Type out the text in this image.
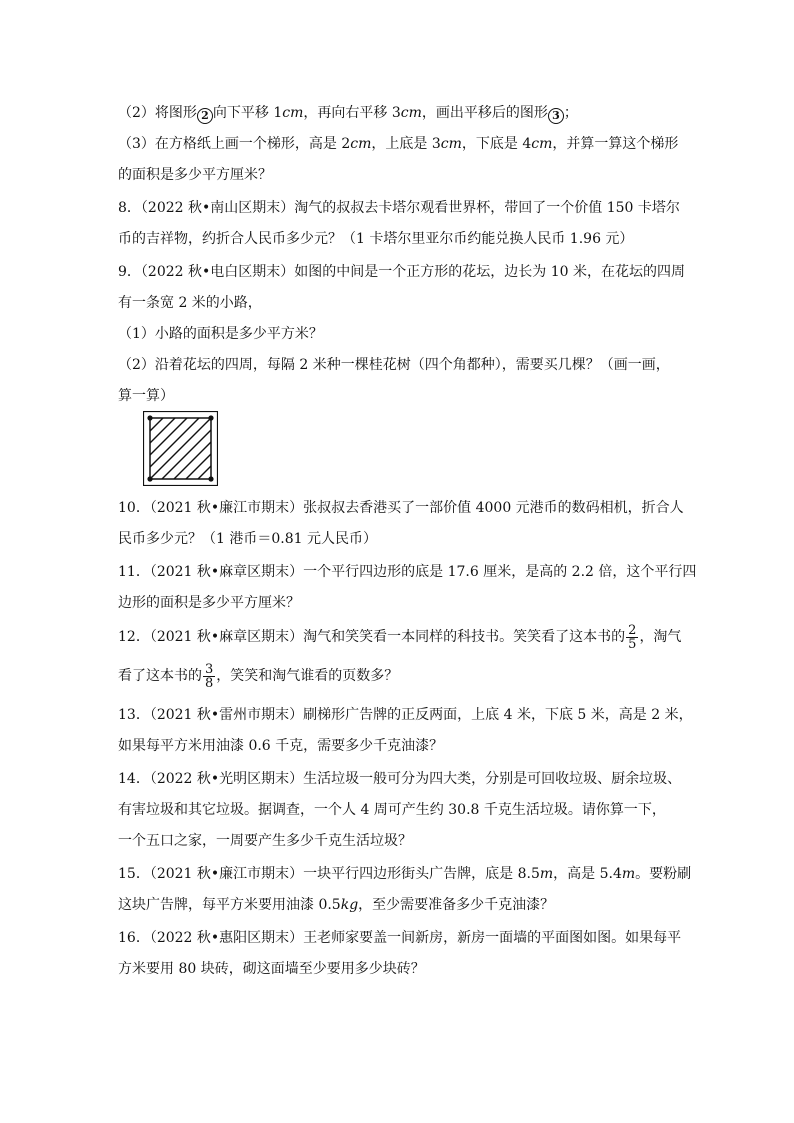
（2）将图形 2 向下平移 1cm，再向右平移 3cm，画出平移后的图形 3 ；
（3）在方格纸上画一个梯形，高是 2cm，上底是 3cm，下底是 4cm，并算一算这个梯形
的面积是多少平方厘米？
8．（2022 秋•南山区期末）淘气的叔叔去卡塔尔观看世界杯，带回了一个价值 150 卡塔尔
币的吉祥物，约折合人民币多少元？（1 卡塔尔里亚尔币约能兑换人民币 1.96 元）
9．（2022 秋•电白区期末）如图的中间是一个正方形的花坛，边长为 10 米，在花坛的四周
有一条宽 2 米的小路，
（1）小路的面积是多少平方米？
（2）沿着花坛的四周，每隔 2 米种一棵桂花树（四个角都种），需要买几棵？（画一画，
算一算）
10．（2021 秋•廉江市期末）张叔叔去香港买了一部价值 4000 元港币的数码相机，折合人
民币多少元？（1 港币＝0.81 元人民币）
11．（2021 秋•麻章区期末）一个平行四边形的底是 17.6 厘米，是高的 2.2 倍，这个平行四
边形的面积是多少平方厘米？
12．（2021 秋•麻章区期末）淘气和笑笑看一本同样的科技书。笑笑看了这本书的 $\frac{2}{5}$ ，淘气
看了这本书的 $\frac{3}{8}$ ，笑笑和淘气谁看的页数多？
13．（2021 秋•雷州市期末）刷梯形广告牌的正反两面，上底 4 米，下底 5 米，高是 2 米，
如果每平方米用油漆 0.6 千克，需要多少千克油漆？
14．（2022 秋•光明区期末）生活垃圾一般可分为四大类，分别是可回收垃圾、厨余垃圾、
有害垃圾和其它垃圾。据调查，一个人 4 周可产生约 30.8 千克生活垃圾。请你算一下，
一个五口之家，一周要产生多少千克生活垃圾？
15．（2021 秋•廉江市期末）一块平行四边形街头广告牌，底是 8.5m，高是 5.4m。要粉刷
这块广告牌，每平方米要用油漆 0.5kg，至少需要准备多少千克油漆？
16．（2022 秋•惠阳区期末）王老师家要盖一间新房，新房一面墙的平面图如图。如果每平
方米要用 80 块砖，砌这面墙至少要用多少块砖？
